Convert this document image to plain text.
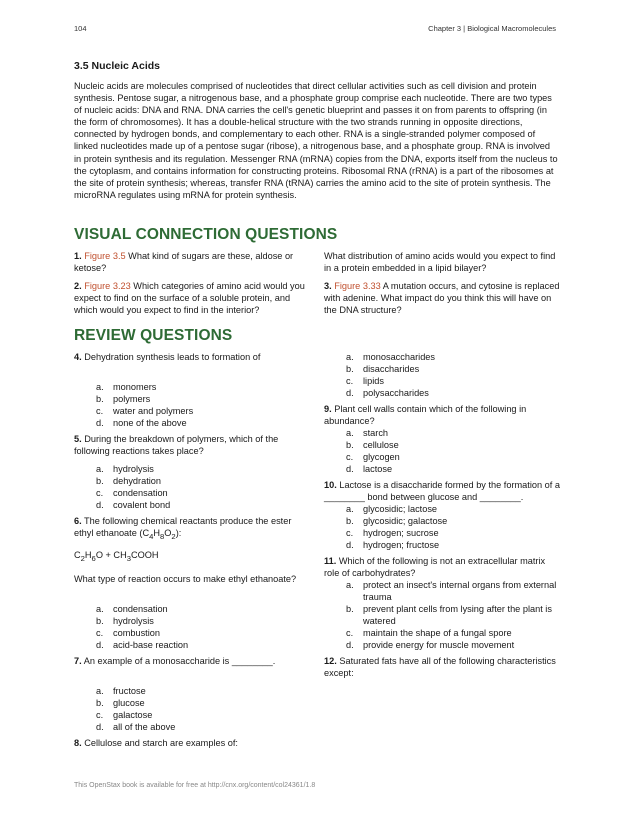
104	Chapter 3 | Biological Macromolecules
3.5 Nucleic Acids

Nucleic acids are molecules comprised of nucleotides that direct cellular activities such as cell division and protein synthesis. Pentose sugar, a nitrogenous base, and a phosphate group comprise each nucleotide. There are two types of nucleic acids: DNA and RNA. DNA carries the cell's genetic blueprint and passes it on from parents to offspring (in the form of chromosomes). It has a double-helical structure with the two strands running in opposite directions, connected by hydrogen bonds, and complementary to each other. RNA is a single-stranded polymer composed of linked nucleotides made up of a pentose sugar (ribose), a nitrogenous base, and a phosphate group. RNA is involved in protein synthesis and its regulation. Messenger RNA (mRNA) copies from the DNA, exports itself from the nucleus to the cytoplasm, and contains information for constructing proteins. Ribosomal RNA (rRNA) is a part of the ribosomes at the site of protein synthesis; whereas, transfer RNA (tRNA) carries the amino acid to the site of protein synthesis. The microRNA regulates using mRNA for protein synthesis.

VISUAL CONNECTION QUESTIONS

1. Figure 3.5 What kind of sugars are these, aldose or ketose?

2. Figure 3.23 Which categories of amino acid would you expect to find on the surface of a soluble protein, and which would you expect to find in the interior?

What distribution of amino acids would you expect to find in a protein embedded in a lipid bilayer?

3. Figure 3.33 A mutation occurs, and cytosine is replaced with adenine. What impact do you think this will have on the DNA structure?

REVIEW QUESTIONS

4. Dehydration synthesis leads to formation of

a. monomers
b. polymers
c. water and polymers
d. none of the above

5. During the breakdown of polymers, which of the following reactions takes place?

a. hydrolysis
b. dehydration
c. condensation
d. covalent bond

6. The following chemical reactants produce the ester ethyl ethanoate $(C_4H_8O_2)$:

$C_2H_6O$ + $CH_3COOH$

What type of reaction occurs to make ethyl ethanoate?

a. condensation
b. hydrolysis
c. combustion
d. acid-base reaction

7. An example of a monosaccharide is ________.

a. fructose
b. glucose
c. galactose
d. all of the above

8. Cellulose and starch are examples of:

a. monosaccharides
b. disaccharides
c. lipids
d. polysaccharides

9. Plant cell walls contain which of the following in abundance?

a. starch
b. cellulose
c. glycogen
d. lactose

10. Lactose is a disaccharide formed by the formation of a ________ bond between glucose and ________.

a. glycosidic; lactose
b. glycosidic; galactose
c. hydrogen; sucrose
d. hydrogen; fructose

11. Which of the following is not an extracellular matrix role of carbohydrates?

a. protect an insect's internal organs from external trauma
b. prevent plant cells from lysing after the plant is watered
c. maintain the shape of a fungal spore
d. provide energy for muscle movement

12. Saturated fats have all of the following characteristics except:

This OpenStax book is available for free at http://cnx.org/content/col24361/1.8
